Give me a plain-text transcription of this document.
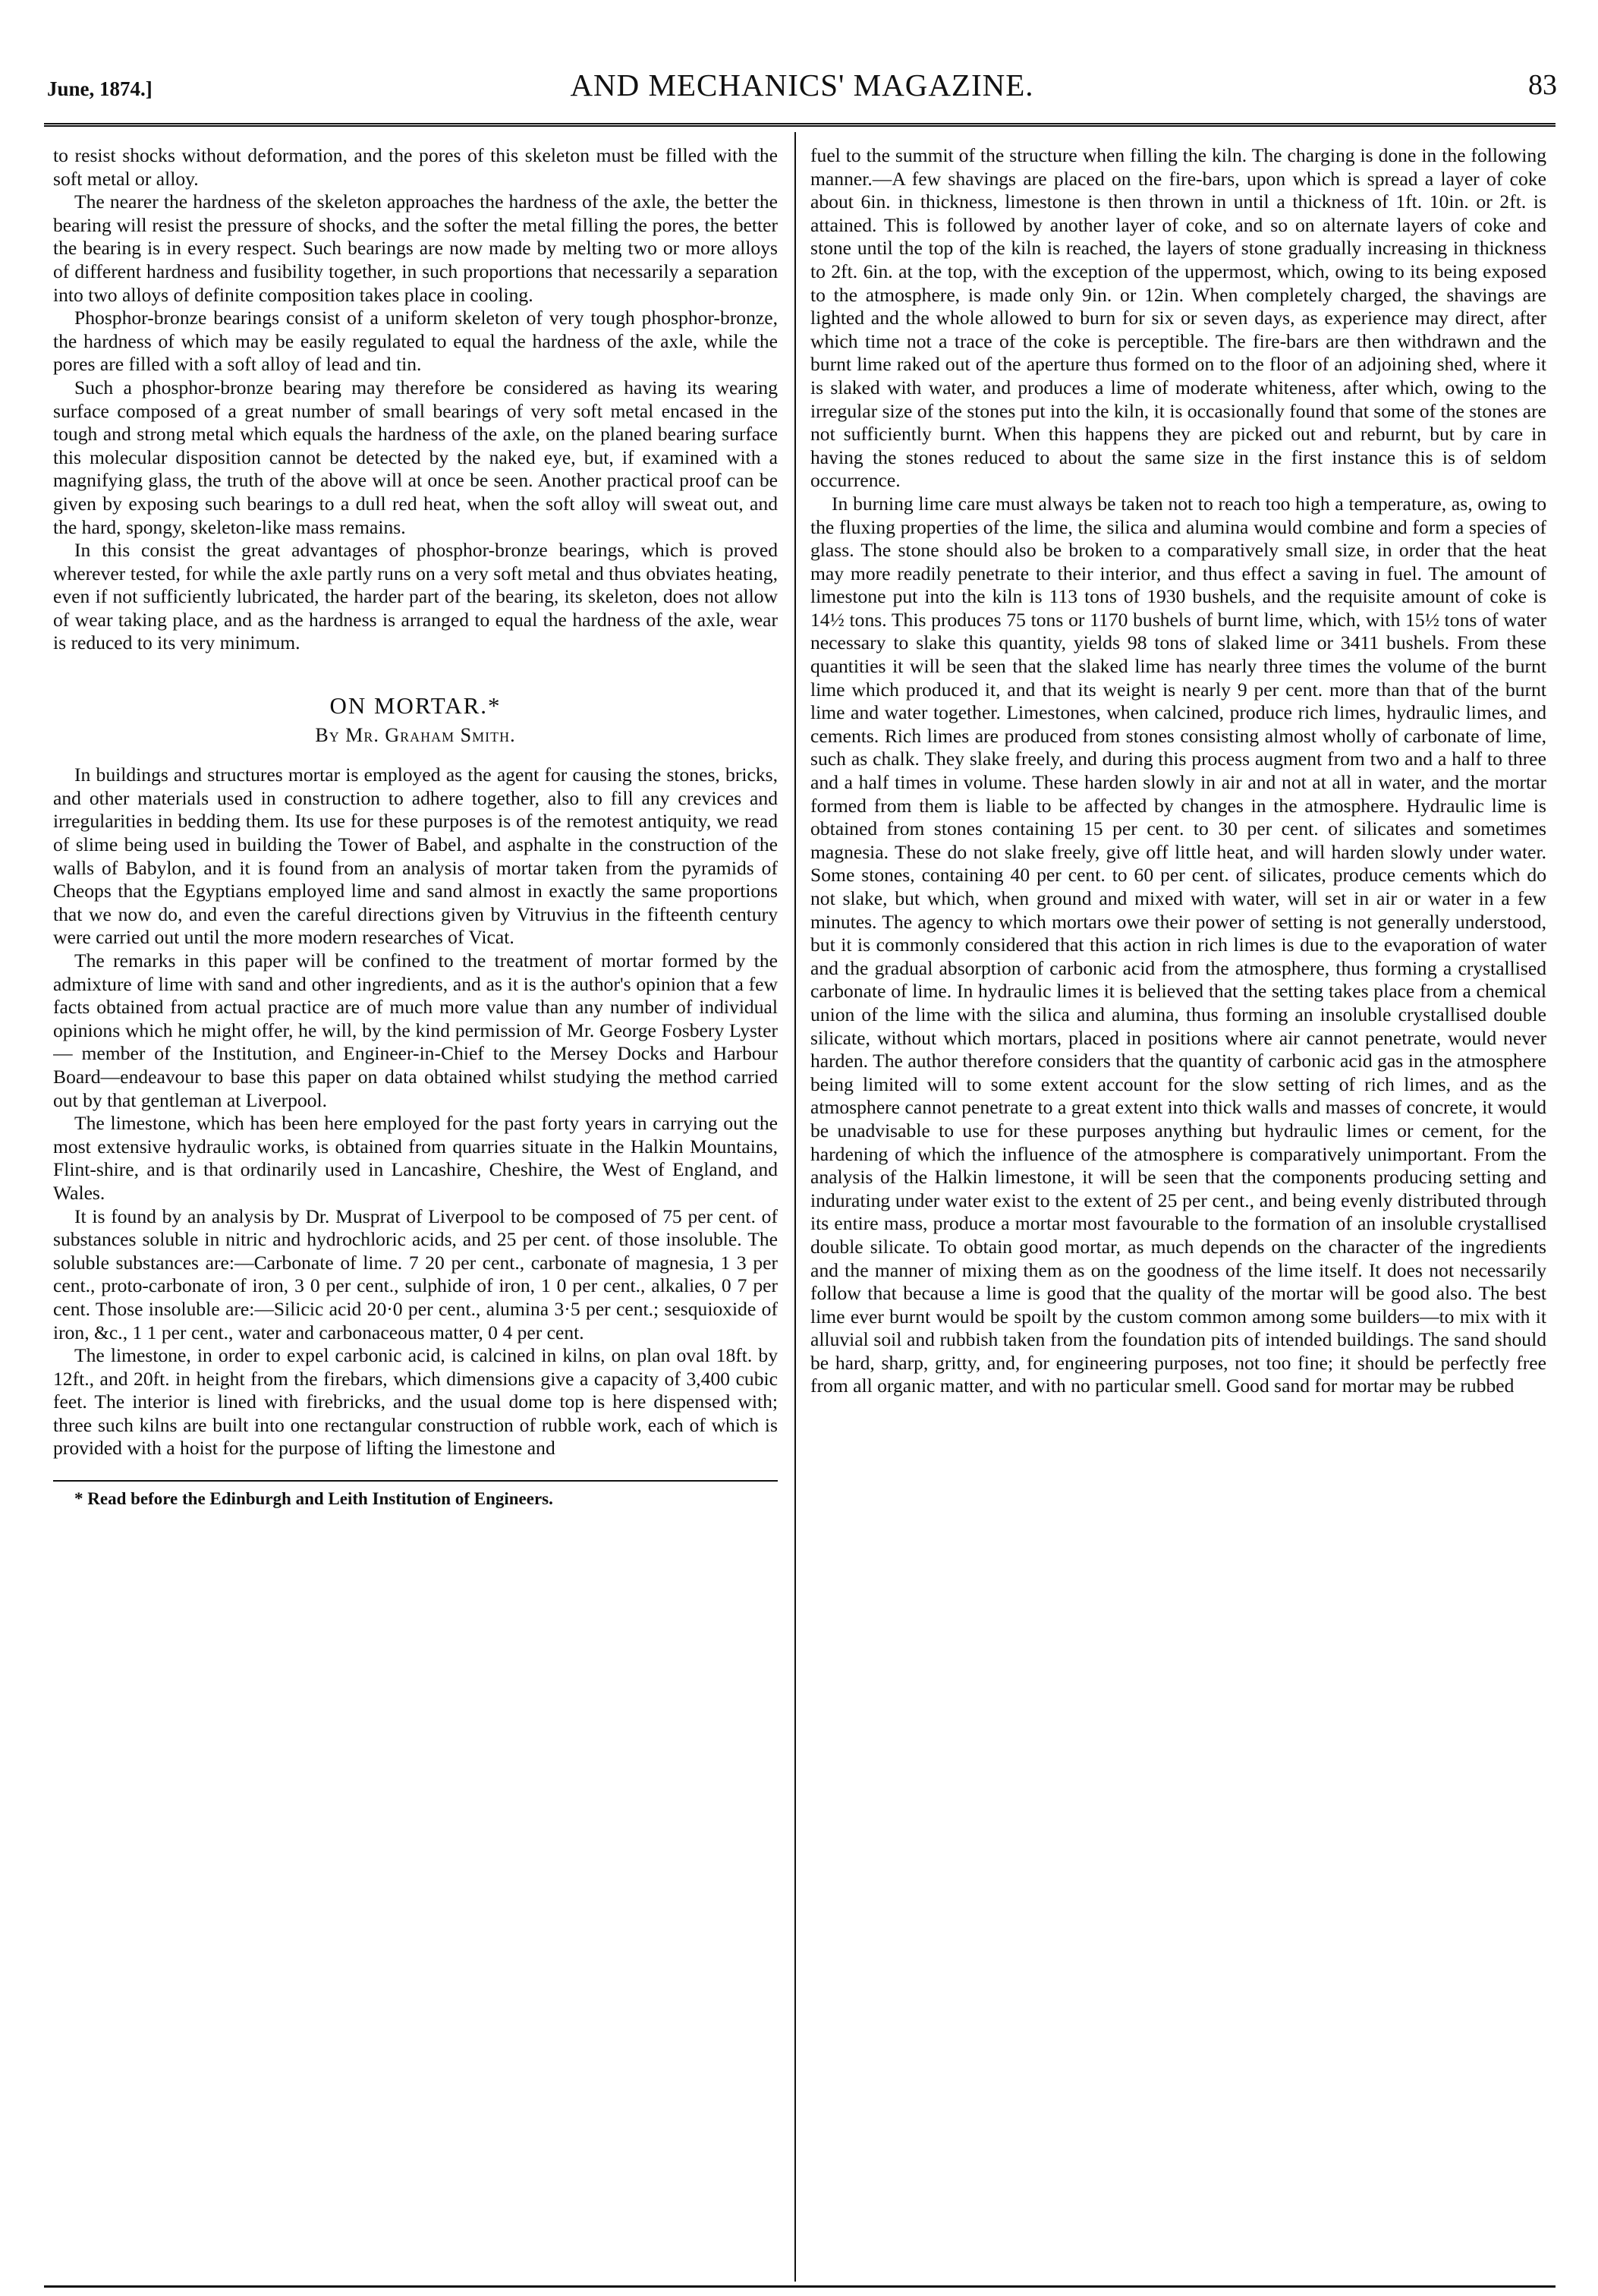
June, 1874.]	AND MECHANICS' MAGAZINE.	83

to resist shocks without deformation, and the pores of this skeleton must be filled with the soft metal or alloy.

The nearer the hardness of the skeleton approaches the hardness of the axle, the better the bearing will resist the pressure of shocks, and the softer the metal filling the pores, the better the bearing is in every respect. Such bearings are now made by melting two or more alloys of different hardness and fusibility together, in such proportions that necessarily a separation into two alloys of definite composition takes place in cooling.

Phosphor-bronze bearings consist of a uniform skeleton of very tough phosphor-bronze, the hardness of which may be easily regulated to equal the hardness of the axle, while the pores are filled with a soft alloy of lead and tin.

Such a phosphor-bronze bearing may therefore be considered as having its wearing surface composed of a great number of small bearings of very soft metal encased in the tough and strong metal which equals the hardness of the axle, on the planed bearing surface this molecular disposition cannot be detected by the naked eye, but, if examined with a magnifying glass, the truth of the above will at once be seen. Another practical proof can be given by exposing such bearings to a dull red heat, when the soft alloy will sweat out, and the hard, spongy, skeleton-like mass remains.

In this consist the great advantages of phosphor-bronze bearings, which is proved wherever tested, for while the axle partly runs on a very soft metal and thus obviates heating, even if not sufficiently lubricated, the harder part of the bearing, its skeleton, does not allow of wear taking place, and as the hardness is arranged to equal the hardness of the axle, wear is reduced to its very minimum.

ON MORTAR.*
By Mr. Graham Smith.

In buildings and structures mortar is employed as the agent for causing the stones, bricks, and other materials used in construction to adhere together, also to fill any crevices and irregularities in bedding them. Its use for these purposes is of the remotest antiquity, we read of slime being used in building the Tower of Babel, and asphalte in the construction of the walls of Babylon, and it is found from an analysis of mortar taken from the pyramids of Cheops that the Egyptians employed lime and sand almost in exactly the same proportions that we now do, and even the careful directions given by Vitruvius in the fifteenth century were carried out until the more modern researches of Vicat.

The remarks in this paper will be confined to the treatment of mortar formed by the admixture of lime with sand and other ingredients, and as it is the author's opinion that a few facts obtained from actual practice are of much more value than any number of individual opinions which he might offer, he will, by the kind permission of Mr. George Fosbery Lyster — member of the Institution, and Engineer-in-Chief to the Mersey Docks and Harbour Board—endeavour to base this paper on data obtained whilst studying the method carried out by that gentleman at Liverpool.

The limestone, which has been here employed for the past forty years in carrying out the most extensive hydraulic works, is obtained from quarries situate in the Halkin Mountains, Flint-shire, and is that ordinarily used in Lancashire, Cheshire, the West of England, and Wales.

It is found by an analysis by Dr. Musprat of Liverpool to be composed of 75 per cent. of substances soluble in nitric and hydrochloric acids, and 25 per cent. of those insoluble. The soluble substances are:—Carbonate of lime. 7 20 per cent., carbonate of magnesia, 1 3 per cent., proto-carbonate of iron, 3 0 per cent., sulphide of iron, 1 0 per cent., alkalies, 0 7 per cent. Those insoluble are:—Silicic acid 20·0 per cent., alumina 3·5 per cent.; sesquioxide of iron, &c., 1 1 per cent., water and carbonaceous matter, 0 4 per cent.

The limestone, in order to expel carbonic acid, is calcined in kilns, on plan oval 18ft. by 12ft., and 20ft. in height from the firebars, which dimensions give a capacity of 3,400 cubic feet. The interior is lined with firebricks, and the usual dome top is here dispensed with; three such kilns are built into one rectangular construction of rubble work, each of which is provided with a hoist for the purpose of lifting the limestone and

* Read before the Edinburgh and Leith Institution of Engineers.

fuel to the summit of the structure when filling the kiln. The charging is done in the following manner.—A few shavings are placed on the fire-bars, upon which is spread a layer of coke about 6in. in thickness, limestone is then thrown in until a thickness of 1ft. 10in. or 2ft. is attained. This is followed by another layer of coke, and so on alternate layers of coke and stone until the top of the kiln is reached, the layers of stone gradually increasing in thickness to 2ft. 6in. at the top, with the exception of the uppermost, which, owing to its being exposed to the atmosphere, is made only 9in. or 12in. When completely charged, the shavings are lighted and the whole allowed to burn for six or seven days, as experience may direct, after which time not a trace of the coke is perceptible. The fire-bars are then withdrawn and the burnt lime raked out of the aperture thus formed on to the floor of an adjoining shed, where it is slaked with water, and produces a lime of moderate whiteness, after which, owing to the irregular size of the stones put into the kiln, it is occasionally found that some of the stones are not sufficiently burnt. When this happens they are picked out and reburnt, but by care in having the stones reduced to about the same size in the first instance this is of seldom occurrence.

In burning lime care must always be taken not to reach too high a temperature, as, owing to the fluxing properties of the lime, the silica and alumina would combine and form a species of glass. The stone should also be broken to a comparatively small size, in order that the heat may more readily penetrate to their interior, and thus effect a saving in fuel. The amount of limestone put into the kiln is 113 tons of 1930 bushels, and the requisite amount of coke is 14½ tons. This produces 75 tons or 1170 bushels of burnt lime, which, with 15½ tons of water necessary to slake this quantity, yields 98 tons of slaked lime or 3411 bushels. From these quantities it will be seen that the slaked lime has nearly three times the volume of the burnt lime which produced it, and that its weight is nearly 9 per cent. more than that of the burnt lime and water together. Limestones, when calcined, produce rich limes, hydraulic limes, and cements. Rich limes are produced from stones consisting almost wholly of carbonate of lime, such as chalk. They slake freely, and during this process augment from two and a half to three and a half times in volume. These harden slowly in air and not at all in water, and the mortar formed from them is liable to be affected by changes in the atmosphere. Hydraulic lime is obtained from stones containing 15 per cent. to 30 per cent. of silicates and sometimes magnesia. These do not slake freely, give off little heat, and will harden slowly under water. Some stones, containing 40 per cent. to 60 per cent. of silicates, produce cements which do not slake, but which, when ground and mixed with water, will set in air or water in a few minutes. The agency to which mortars owe their power of setting is not generally understood, but it is commonly considered that this action in rich limes is due to the evaporation of water and the gradual absorption of carbonic acid from the atmosphere, thus forming a crystallised carbonate of lime. In hydraulic limes it is believed that the setting takes place from a chemical union of the lime with the silica and alumina, thus forming an insoluble crystallised double silicate, without which mortars, placed in positions where air cannot penetrate, would never harden. The author therefore considers that the quantity of carbonic acid gas in the atmosphere being limited will to some extent account for the slow setting of rich limes, and as the atmosphere cannot penetrate to a great extent into thick walls and masses of concrete, it would be unadvisable to use for these purposes anything but hydraulic limes or cement, for the hardening of which the influence of the atmosphere is comparatively unimportant. From the analysis of the Halkin limestone, it will be seen that the components producing setting and indurating under water exist to the extent of 25 per cent., and being evenly distributed through its entire mass, produce a mortar most favourable to the formation of an insoluble crystallised double silicate. To obtain good mortar, as much depends on the character of the ingredients and the manner of mixing them as on the goodness of the lime itself. It does not necessarily follow that because a lime is good that the quality of the mortar will be good also. The best lime ever burnt would be spoilt by the custom common among some builders—to mix with it alluvial soil and rubbish taken from the foundation pits of intended buildings. The sand should be hard, sharp, gritty, and, for engineering purposes, not too fine; it should be perfectly free from all organic matter, and with no particular smell. Good sand for mortar may be rubbed
